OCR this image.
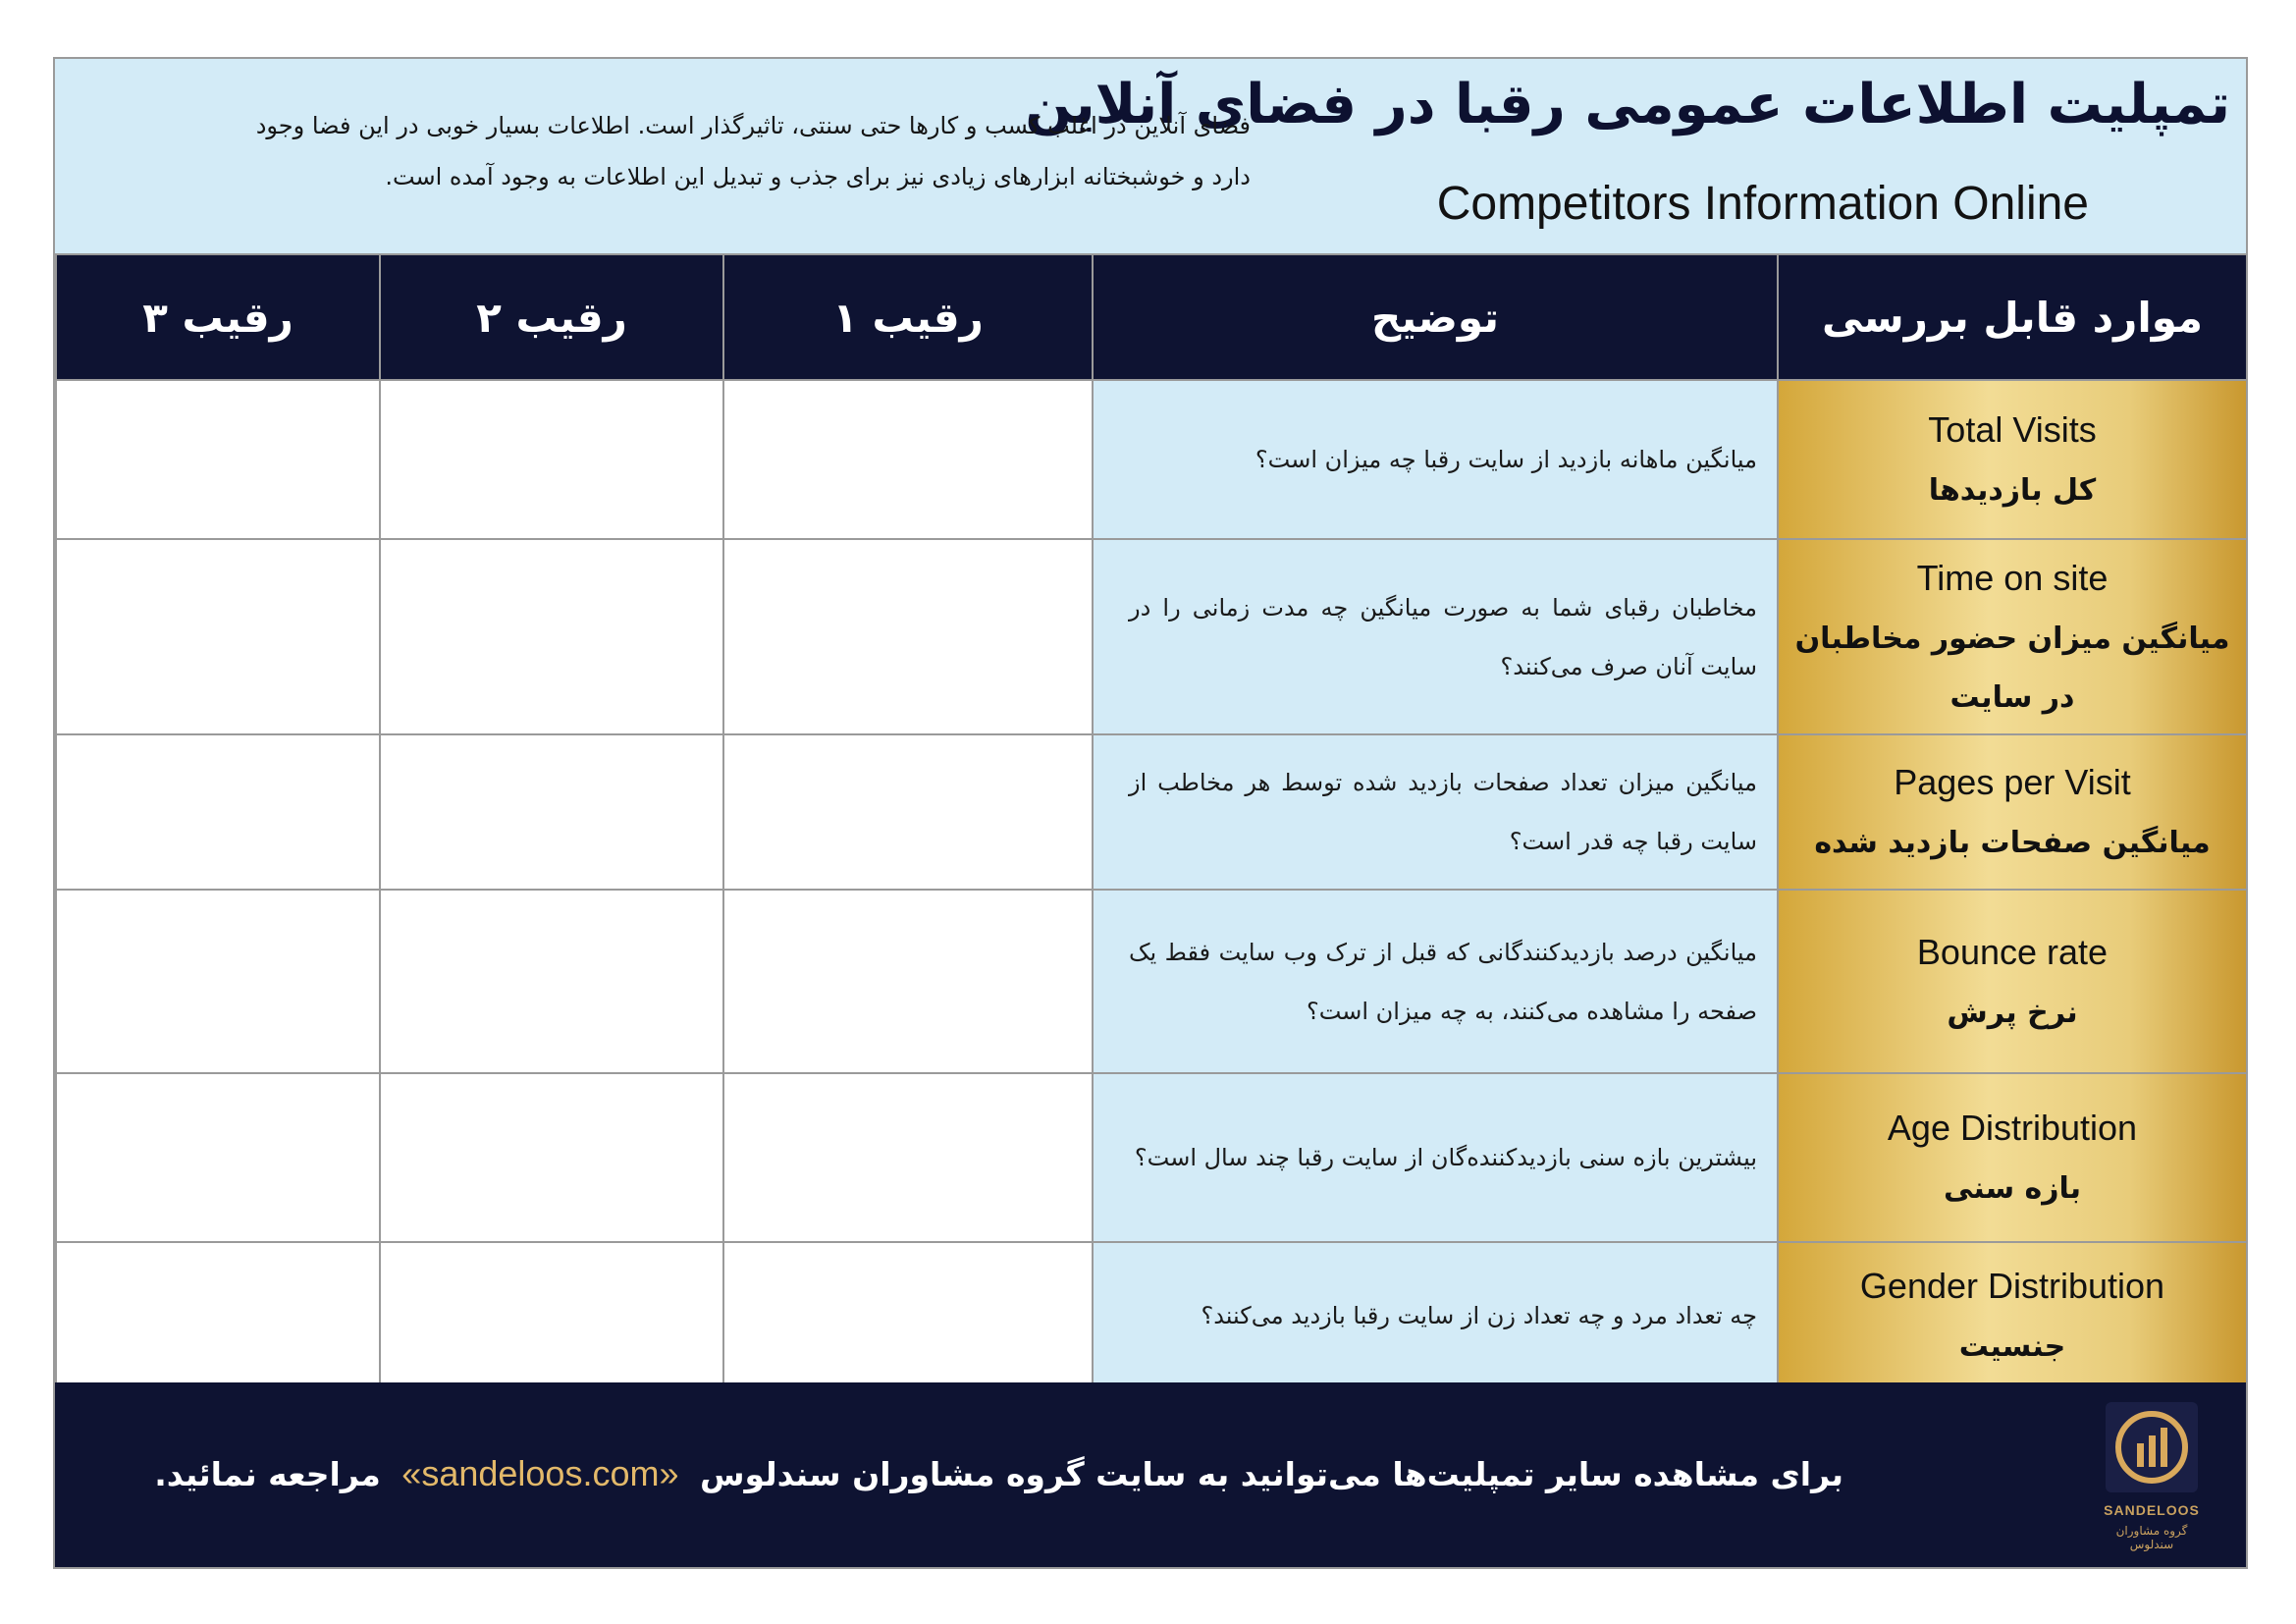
تمپلیت اطلاعات عمومی رقبا در فضای آنلاین
Competitors Information Online
فضای آنلاین در اغلب کسب و کارها حتی سنتی، تاثیرگذار است. اطلاعات بسیار خوبی در این فضا وجود
دارد و خوشبختانه ابزارهای زیادی نیز برای جذب و تبدیل این اطلاعات به وجود آمده است.
موارد قابل بررسی	توضیح	رقیب ۱	رقیب ۲	رقیب ۳

Total Visits
کل بازدیدها	میانگین ماهانه بازدید از سایت رقبا چه میزان است؟			

Time on site
میانگین میزان حضور مخاطبان در سایت	مخاطبان رقبای شما به صورت میانگین چه مدت زمانی را در سایت آنان صرف می‌کنند؟			

Pages per Visit
میانگین صفحات بازدید شده	میانگین میزان تعداد صفحات بازدید شده توسط هر مخاطب از سایت رقبا چه قدر است؟			

Bounce rate
نرخ پرش	میانگین درصد بازدیدکنندگانی که قبل از ترک وب سایت فقط یک صفحه را مشاهده می‌کنند، به چه میزان است؟			

Age Distribution
بازه سنی	بیشترین بازه سنی بازدیدکننده‌گان از سایت رقبا چند سال است؟			

Gender Distribution
جنسیت	چه تعداد مرد و چه تعداد زن از سایت رقبا بازدید می‌کنند؟			
برای مشاهده سایر تمپلیت‌ها می‌توانید به سایت گروه مشاوران سندلوس «sandeloos.com» مراجعه نمائید.
SANDELOOS
گروه مشاوران سندلوس
